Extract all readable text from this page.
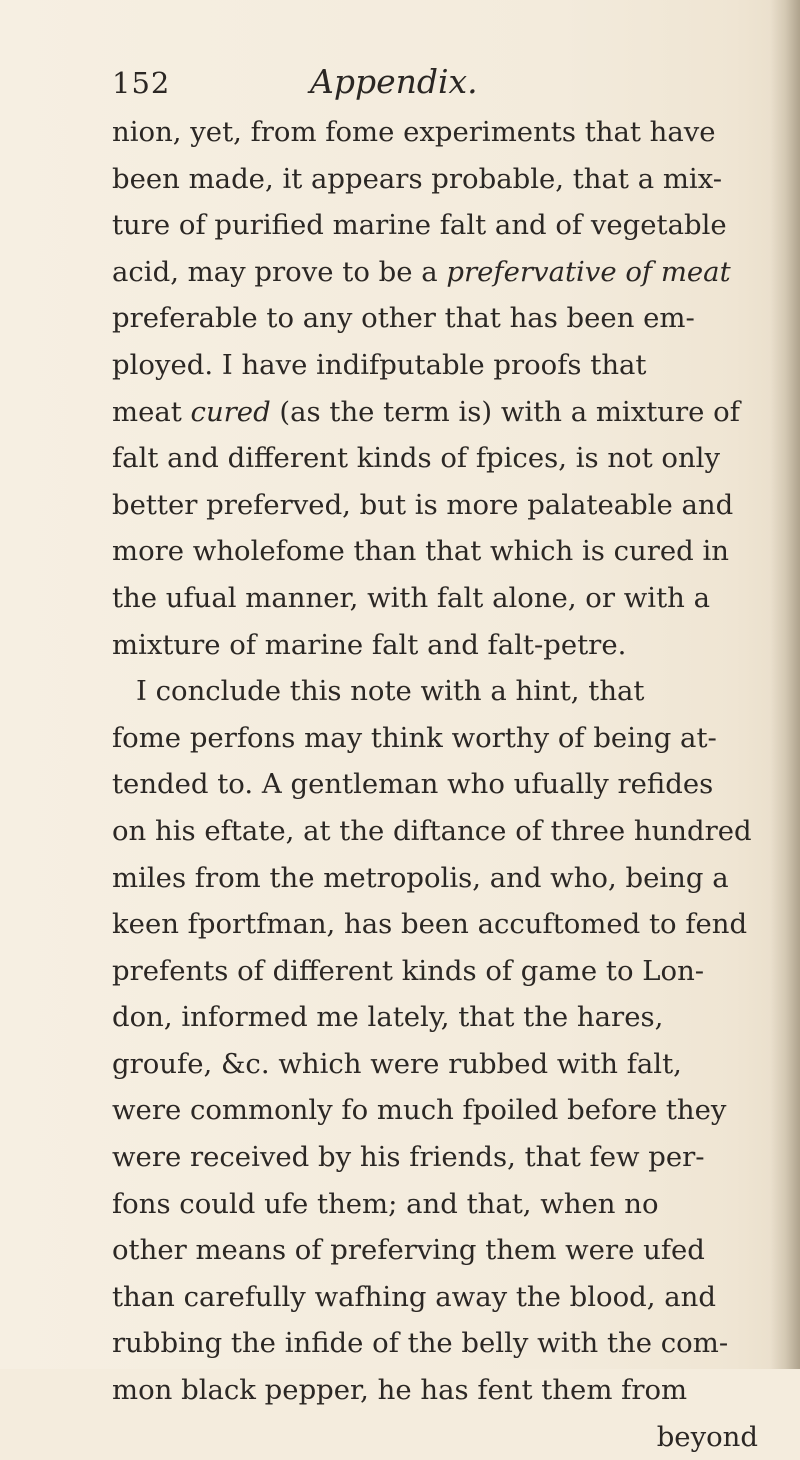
152	Appendix.
nion, yet, from fome experiments that have
been made, it appears probable, that a mix-
ture of purified marine falt and of vegetable
acid, may prove to be a prefervative of meat
preferable to any other that has been em-
ployed. I have indifputable proofs that
meat cured (as the term is) with a mixture of
falt and different kinds of fpices, is not only
better preferved, but is more palateable and
more wholefome than that which is cured in
the ufual manner, with falt alone, or with a
mixture of marine falt and falt-petre.
I conclude this note with a hint, that
fome perfons may think worthy of being at-
tended to. A gentleman who ufually refides
on his eftate, at the diftance of three hundred
miles from the metropolis, and who, being a
keen fportfman, has been accuftomed to fend
prefents of different kinds of game to Lon-
don, informed me lately, that the hares,
groufe, &c. which were rubbed with falt,
were commonly fo much fpoiled before they
were received by his friends, that few per-
fons could ufe them; and that, when no
other means of preferving them were ufed
than carefully wafhing away the blood, and
rubbing the infide of the belly with the com-
mon black pepper, he has fent them from
beyond
